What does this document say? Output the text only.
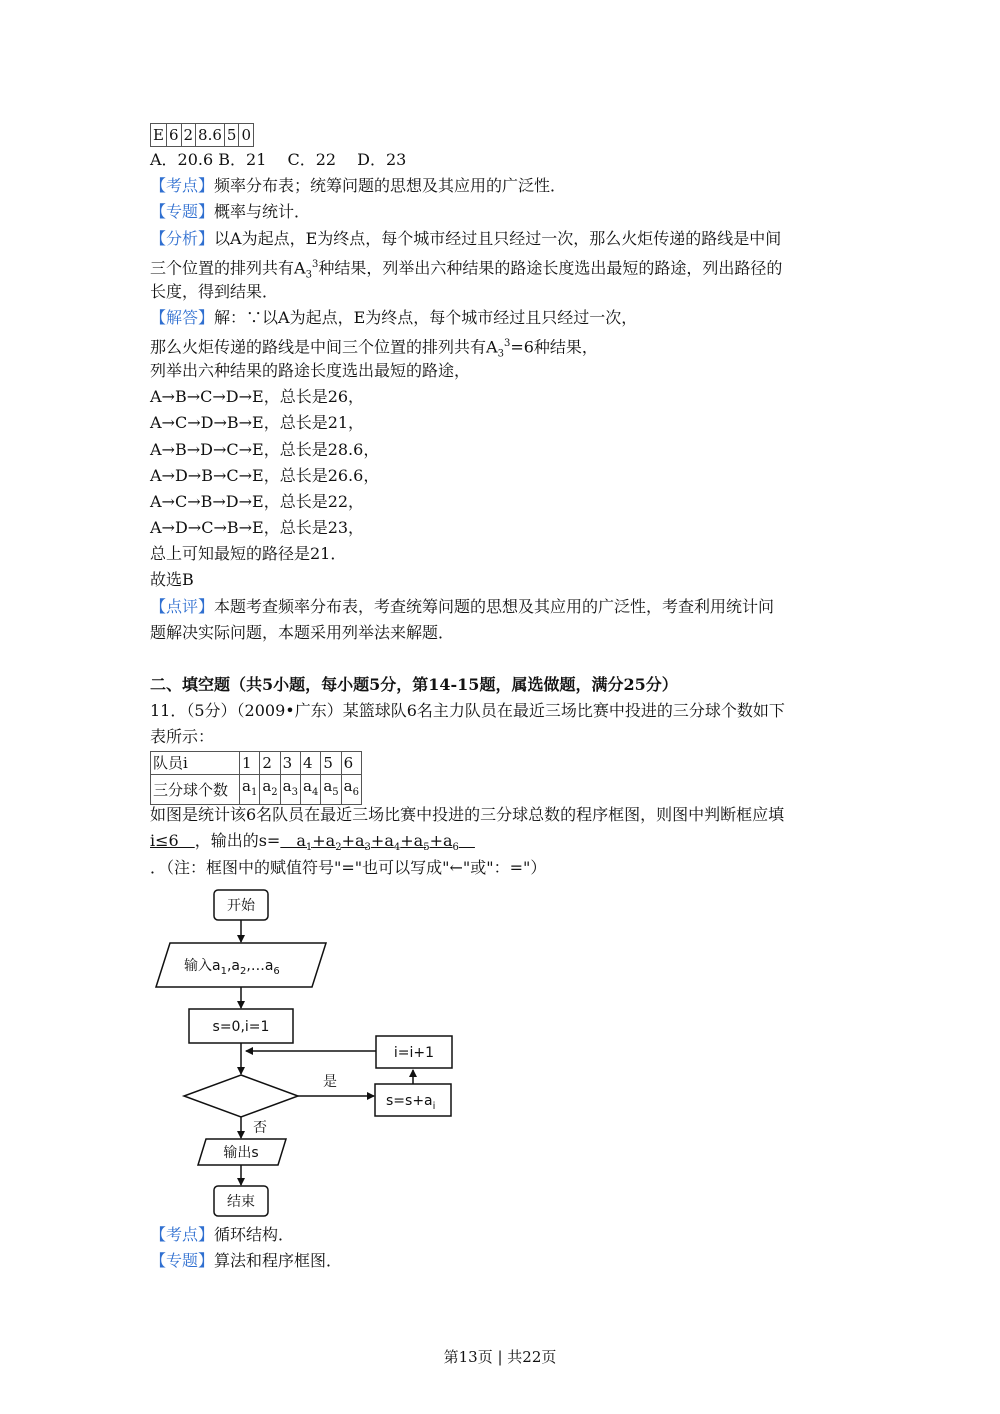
E	6	2	8.6	5	0
A．20.6 B．21　 C．22　 D．23
【考点】频率分布表；统筹问题的思想及其应用的广泛性．
【专题】概率与统计．
【分析】以A为起点，E为终点，每个城市经过且只经过一次，那么火炬传递的路线是中间
三个位置的排列共有$A_3^3$种结果，列举出六种结果的路途长度选出最短的路途，列出路径的
长度，得到结果．
【解答】解：∵以A为起点，E为终点，每个城市经过且只经过一次，
那么火炬传递的路线是中间三个位置的排列共有$A_3^3=6$种结果，
列举出六种结果的路途长度选出最短的路途，
A→B→C→D→E，总长是26，
A→C→D→B→E，总长是21，
A→B→D→C→E，总长是28.6，
A→D→B→C→E，总长是26.6，
A→C→B→D→E，总长是22，
A→D→C→B→E，总长是23，
总上可知最短的路径是21．
故选B
【点评】本题考查频率分布表，考查统筹问题的思想及其应用的广泛性，考查利用统计问
题解决实际问题，本题采用列举法来解题．
二、填空题（共5小题，每小题5分，第14-15题，属选做题，满分25分）
11．（5分）（2009•广东）某篮球队6名主力队员在最近三场比赛中投进的三分球个数如下
表所示：
队员i	1	2	3	4	5	6
三分球个数	$a_1$	$a_2$	$a_3$	$a_4$	$a_5$	$a_6$
如图是统计该6名队员在最近三场比赛中投进的三分球总数的程序框图，则图中判断框应填
i≤6　，输出的s=　$a_1+a_2+a_3+a_4+a_5+a_6$　
．（注：框图中的赋值符号"="也可以写成"←"或"：="）
开始
输入$a_1,a_2,\dots a_6$
s=0,i=1
i=i+1
是
$s=s+a_i$
否
输出s
结束
【考点】循环结构．
【专题】算法和程序框图．
第13页 | 共22页
